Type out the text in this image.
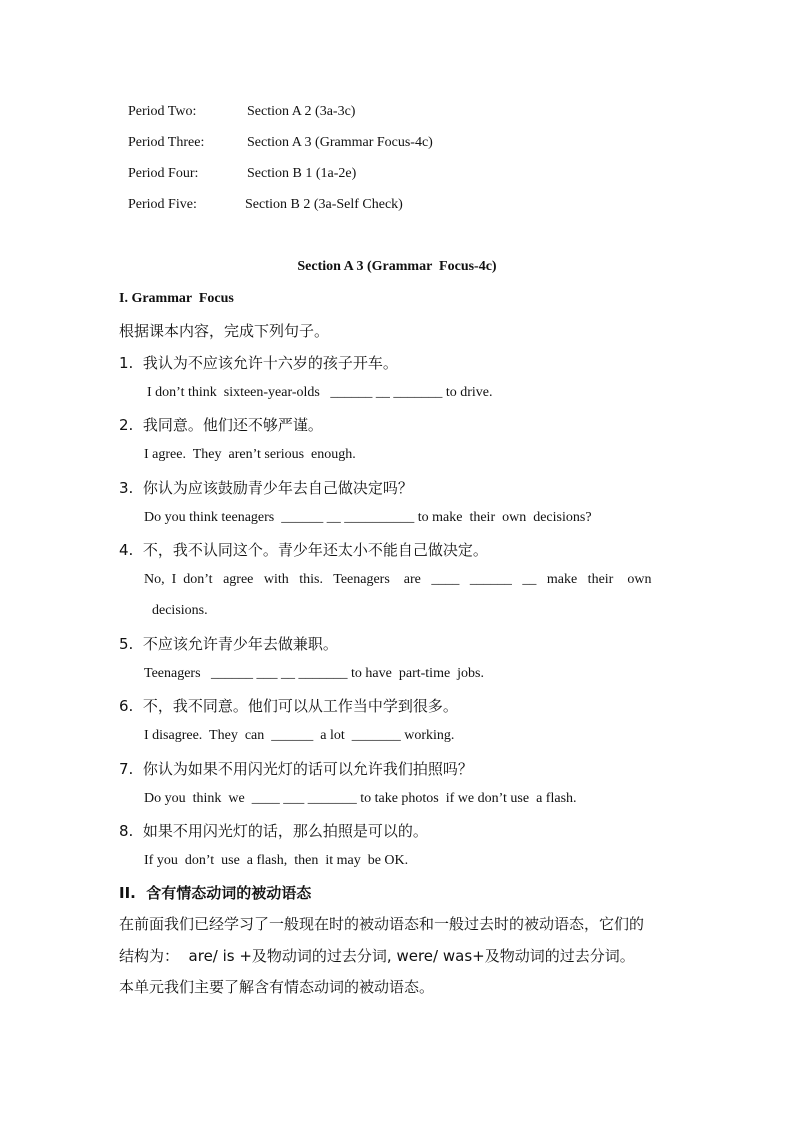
Period Two:	Section A 2 (3a-3c)
Period Three:	Section A 3 (Grammar Focus-4c)
Period Four:	Section B 1 (1a-2e)
Period Five:	Section B 2 (3a-Self Check)
Section A 3 (Grammar  Focus-4c)
I. Grammar  Focus
根据课本内容，完成下列句子。
1.  我认为不应该允许十六岁的孩子开车。
I don’t think  sixteen-year-olds   ______ __ _______ to drive.
2.  我同意。他们还不够严谨。
I agree.  They  aren’t serious  enough.
3.  你认为应该鼓励青少年去自己做决定吗？
Do you think teenagers  ______ __ __________ to make  their  own  decisions?
4.  不，我不认同这个。青少年还太小不能自己做决定。
No,  I  don’t   agree   with   this.   Teenagers    are   ____   ______   __   make   their    own
decisions.
5.  不应该允许青少年去做兼职。
Teenagers   ______ ___ __ _______ to have  part-time  jobs.
6.  不，我不同意。他们可以从工作当中学到很多。
I disagree.  They  can  ______  a lot  _______ working.
7.  你认为如果不用闪光灯的话可以允许我们拍照吗？
Do you  think  we  ____ ___ _______ to take photos  if we don’t use  a flash.
8.  如果不用闪光灯的话，那么拍照是可以的。
If you  don’t  use  a flash,  then  it may  be OK.
II.  含有情态动词的被动语态
在前面我们已经学习了一般现在时的被动语态和一般过去时的被动语态，它们的
结构为：  are/ is +及物动词的过去分词, were/ was+及物动词的过去分词。
本单元我们主要了解含有情态动词的被动语态。
